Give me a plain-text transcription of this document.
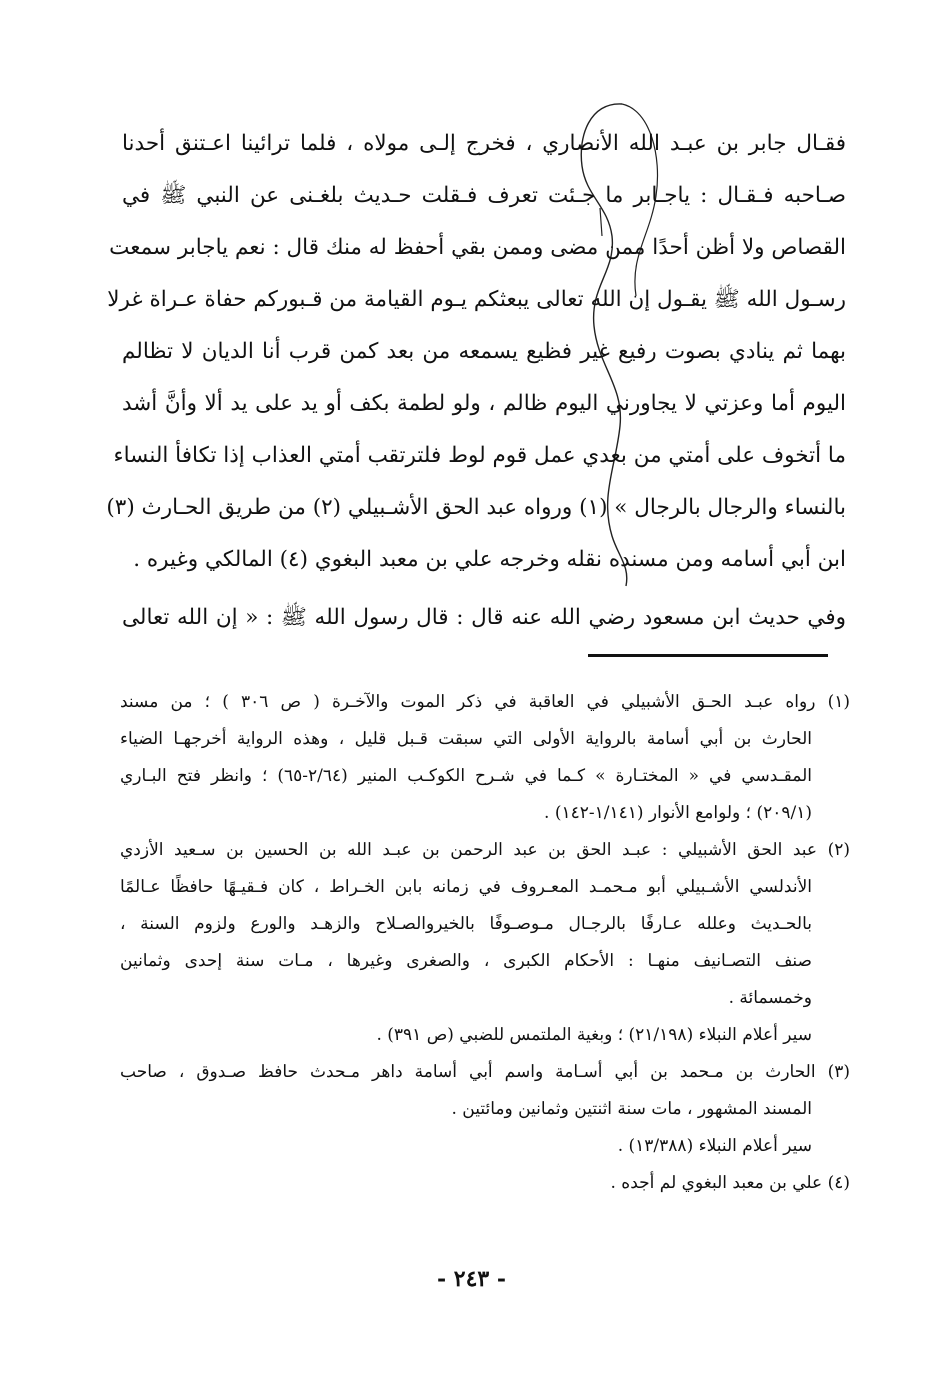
فقـال جابر بن عبـد الله الأنصاري ، فخرج إلـى مولاه ، فلما ترائينا اعـتنق أحدنا
صـاحبه فـقـال : ياجـابر ما جـئت تعرف فـقلت حـديث بلغـنى عن النبي ﷺ في
القصاص ولا أظن أحدًا ممن مضى وممن بقي أحفظ له منك قال : نعم ياجابر سمعت
رسـول الله ﷺ يقـول إن الله تعالى يبعثكم يـوم القيامة من قـبوركم حفاة عـراة غرلا
بهما ثم ينادي بصوت رفيع غير فظيع يسمعه من بعد كمن قرب أنا الديان لا تظالم
اليوم أما وعزتي لا يجاورني اليوم ظالم ، ولو لطمة بكف أو يد على يد ألا وأنَّ أشد
ما أتخوف على أمتي من بعدي عمل قوم لوط فلترتقب أمتي العذاب إذا تكافأ النساء
بالنساء والرجال بالرجال » (١) ورواه عبد الحق الأشـبيلي (٢) من طريق الحـارث (٣)
ابن أبي أسامه ومن مسنده نقله وخرجه علي بن معبد البغوي (٤) المالكي وغيره .
وفي حديث ابن مسعود رضي الله عنه قال : قال رسول الله ﷺ : « إن الله تعالى
(١) رواه عبـد الحـق الأشبيلي في العاقبة في ذكر الموت والآخـرة ( ص ٣٠٦ ) ؛ من مسند
الحارث بن أبي أسامة بالرواية الأولى التي سبقت قـبل قليل ، وهذه الرواية أخرجهـا الضياء
المقـدسي في « المختـارة » كـما في شـرح الكوكـب المنير (٢/٦٤-٦٥) ؛ وانظر فتح البـاري
(٢٠٩/١) ؛ ولوامع الأنوار (١/١٤١-١٤٢) .
(٢) عبد الحق الأشبيلي : عبـد الحق بن عبد الرحمن بن عبـد الله بن الحسين بن سـعيد الأزدي
الأندلسي الأشـبيلي أبو مـحمـد المعـروف في زمانه بابن الخـراط ، كان فـقيـهًا حافظًا عـالمًا
بالحـديث وعلله عـارفًا بالرجـال مـوصـوفًا بالخيروالصـلاح والزهـد والورع ولزوم السنة ،
صنف التصـانيف منهـا : الأحكام الكبرى ، والصغرى وغيرها ، مـات سنة إحدى وثمانين
وخمسمائة .
سير أعلام النبلاء (٢١/١٩٨) ؛ وبغية الملتمس للضبي (ص ٣٩١) .
(٣) الحارث بن مـحمد بن أبي أسـامة واسم أبي أسامة داهر مـحدث حافظ صـدوق ، صاحب
المسند المشهور ، مات سنة اثنتين وثمانين ومائتين .
سير أعلام النبلاء (١٣/٣٨٨) .
(٤) علي بن معبد البغوي لم أجده .
- ٢٤٣ -
